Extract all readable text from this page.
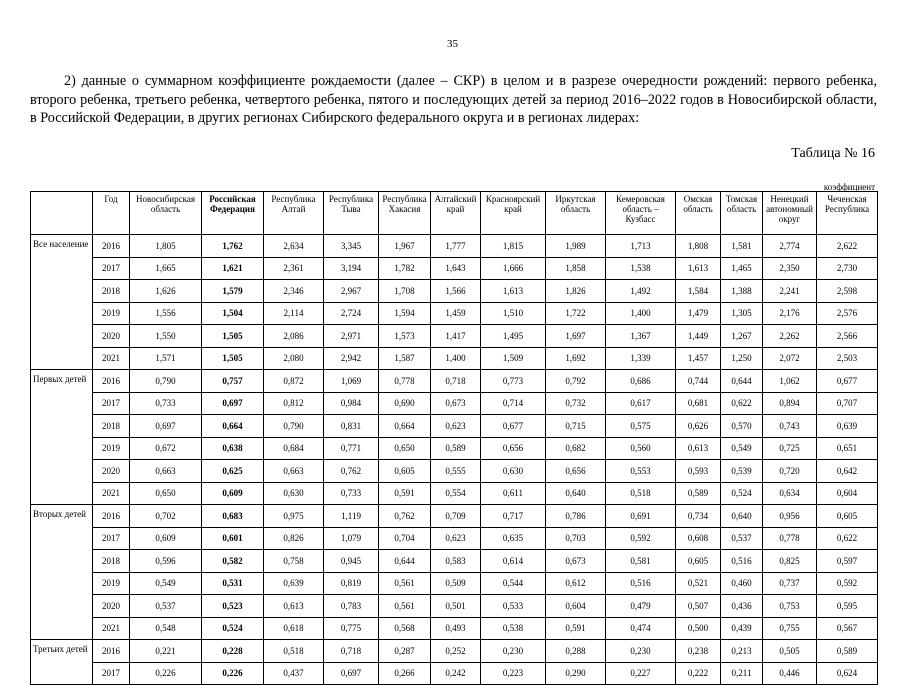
35

2) данные о суммарном коэффициенте рождаемости (далее – СКР) в целом и в разрезе очередности рождений: первого ребенка, второго ребенка, третьего ребенка, четвертого ребенка, пятого и последующих детей за период 2016–2022 годов в Новосибирской области, в Российской Федерации, в других регионах Сибирского федерального округа и в регионах лидерах:

Таблица № 16
коэффициент
	Год	Новосибирская область	Российская Федерация	Республика Алтай	Республика Тыва	Республика Хакасия	Алтайский край	Красноярский край	Иркутская область	Кемеровская область – Кузбасс	Омская область	Томская область	Ненецкий автономный округ	Чеченская Республика
Все население	2016	1,805	1,762	2,634	3,345	1,967	1,777	1,815	1,989	1,713	1,808	1,581	2,774	2,622
	2017	1,665	1,621	2,361	3,194	1,782	1,643	1,666	1,858	1,538	1,613	1,465	2,350	2,730
	2018	1,626	1,579	2,346	2,967	1,708	1,566	1,613	1,826	1,492	1,584	1,388	2,241	2,598
	2019	1,556	1,504	2,114	2,724	1,594	1,459	1,510	1,722	1,400	1,479	1,305	2,176	2,576
	2020	1,550	1,505	2,086	2,971	1,573	1,417	1,495	1,697	1,367	1,449	1,267	2,262	2,566
	2021	1,571	1,505	2,080	2,942	1,587	1,400	1,509	1,692	1,339	1,457	1,250	2,072	2,503
Первых детей	2016	0,790	0,757	0,872	1,069	0,778	0,718	0,773	0,792	0,686	0,744	0,644	1,062	0,677
	2017	0,733	0,697	0,812	0,984	0,690	0,673	0,714	0,732	0,617	0,681	0,622	0,894	0,707
	2018	0,697	0,664	0,790	0,831	0,664	0,623	0,677	0,715	0,575	0,626	0,570	0,743	0,639
	2019	0,672	0,638	0,684	0,771	0,650	0,589	0,656	0,682	0,560	0,613	0,549	0,725	0,651
	2020	0,663	0,625	0,663	0,762	0,605	0,555	0,630	0,656	0,553	0,593	0,539	0,720	0,642
	2021	0,650	0,609	0,630	0,733	0,591	0,554	0,611	0,640	0,518	0,589	0,524	0,634	0,604
Вторых детей	2016	0,702	0,683	0,975	1,119	0,762	0,709	0,717	0,786	0,691	0,734	0,640	0,956	0,605
	2017	0,609	0,601	0,826	1,079	0,704	0,623	0,635	0,703	0,592	0,608	0,537	0,778	0,622
	2018	0,596	0,582	0,758	0,945	0,644	0,583	0,614	0,673	0,581	0,605	0,516	0,825	0,597
	2019	0,549	0,531	0,639	0,819	0,561	0,509	0,544	0,612	0,516	0,521	0,460	0,737	0,592
	2020	0,537	0,523	0,613	0,783	0,561	0,501	0,533	0,604	0,479	0,507	0,436	0,753	0,595
	2021	0,548	0,524	0,618	0,775	0,568	0,493	0,538	0,591	0,474	0,500	0,439	0,755	0,567
Третьих детей	2016	0,221	0,228	0,518	0,718	0,287	0,252	0,230	0,288	0,230	0,238	0,213	0,505	0,589
	2017	0,226	0,226	0,437	0,697	0,266	0,242	0,223	0,290	0,227	0,222	0,211	0,446	0,624
